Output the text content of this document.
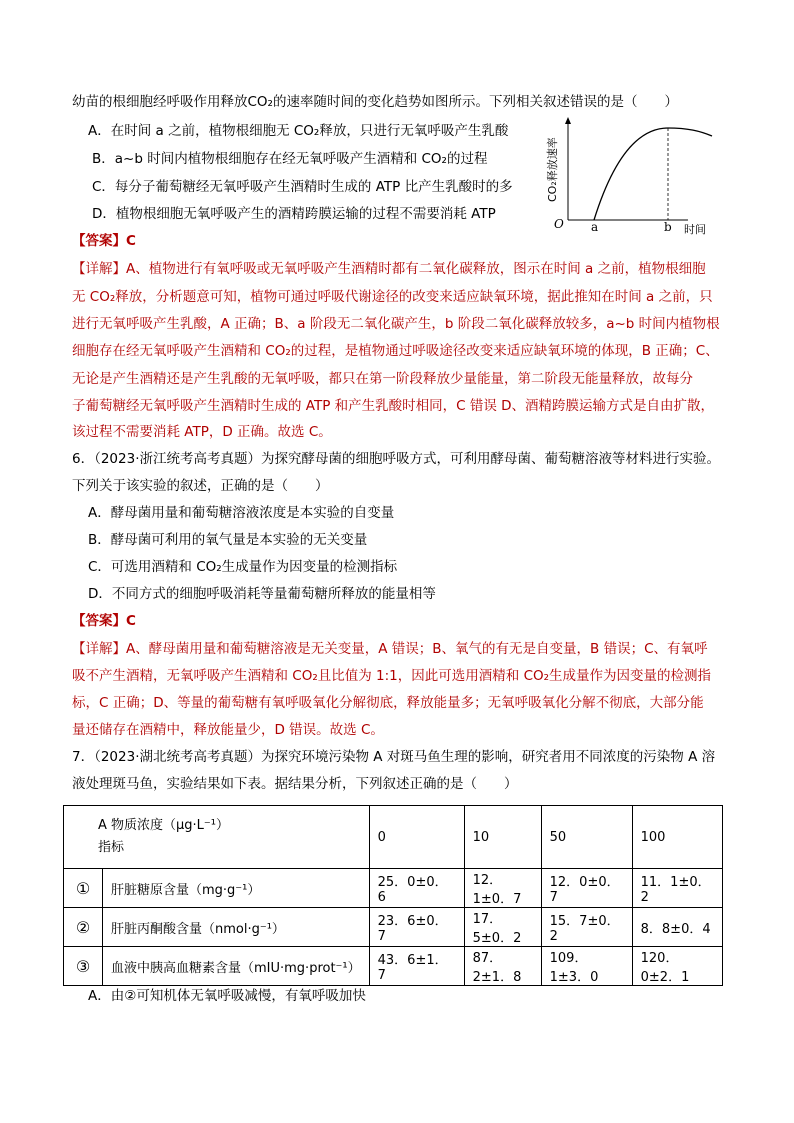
幼苗的根细胞经呼吸作用释放CO₂的速率随时间的变化趋势如图所示。下列相关叙述错误的是（　　）
A．在时间 a 之前，植物根细胞无 CO₂释放，只进行无氧呼吸产生乳酸
B．a~b 时间内植物根细胞存在经无氧呼吸产生酒精和 CO₂的过程
C．每分子葡萄糖经无氧呼吸产生酒精时生成的 ATP 比产生乳酸时的多
D．植物根细胞无氧呼吸产生的酒精跨膜运输的过程不需要消耗 ATP
CO₂释放速率
O a	b 时间
【答案】C
【详解】A、植物进行有氧呼吸或无氧呼吸产生酒精时都有二氧化碳释放，图示在时间 a 之前，植物根细胞
无 CO₂释放，分析题意可知，植物可通过呼吸代谢途径的改变来适应缺氧环境，据此推知在时间 a 之前，只
进行无氧呼吸产生乳酸，A 正确；B、a 阶段无二氧化碳产生，b 阶段二氧化碳释放较多，a~b 时间内植物根
细胞存在经无氧呼吸产生酒精和 CO₂的过程，是植物通过呼吸途径改变来适应缺氧环境的体现，B 正确；C、
无论是产生酒精还是产生乳酸的无氧呼吸，都只在第一阶段释放少量能量，第二阶段无能量释放，故每分
子葡萄糖经无氧呼吸产生酒精时生成的 ATP 和产生乳酸时相同，C 错误 D、酒精跨膜运输方式是自由扩散，
该过程不需要消耗 ATP，D 正确。故选 C。
6．（2023·浙江统考高考真题）为探究酵母菌的细胞呼吸方式，可利用酵母菌、葡萄糖溶液等材料进行实验。
下列关于该实验的叙述，正确的是（　　）
A．酵母菌用量和葡萄糖溶液浓度是本实验的自变量
B．酵母菌可利用的氧气量是本实验的无关变量
C．可选用酒精和 CO₂生成量作为因变量的检测指标
D．不同方式的细胞呼吸消耗等量葡萄糖所释放的能量相等
【答案】C
【详解】A、酵母菌用量和葡萄糖溶液是无关变量，A 错误；B、氧气的有无是自变量，B 错误；C、有氧呼
吸不产生酒精，无氧呼吸产生酒精和 CO₂且比值为 1:1，因此可选用酒精和 CO₂生成量作为因变量的检测指
标，C 正确；D、等量的葡萄糖有氧呼吸氧化分解彻底，释放能量多；无氧呼吸氧化分解不彻底，大部分能
量还储存在酒精中，释放能量少，D 错误。故选 C。
7．（2023·湖北统考高考真题）为探究环境污染物 A 对斑马鱼生理的影响，研究者用不同浓度的污染物 A 溶
液处理斑马鱼，实验结果如下表。据结果分析，下列叙述正确的是（　　）
A 物质浓度（μg·L⁻¹）
指标		0	10	50	100
①	肝脏糖原含量（mg·g⁻¹）	25．0±0．6	12．1±0．7	12．0±0．7	11．1±0．2
②	肝脏丙酮酸含量（nmol·g⁻¹）	23．6±0．7	17．5±0．2	15．7±0．2	8．8±0．4
③	血液中胰高血糖素含量（mIU·mg·prot⁻¹）	43．6±1．7	87．2±1．8	109．1±3．0	120．0±2．1
A．由②可知机体无氧呼吸减慢，有氧呼吸加快
